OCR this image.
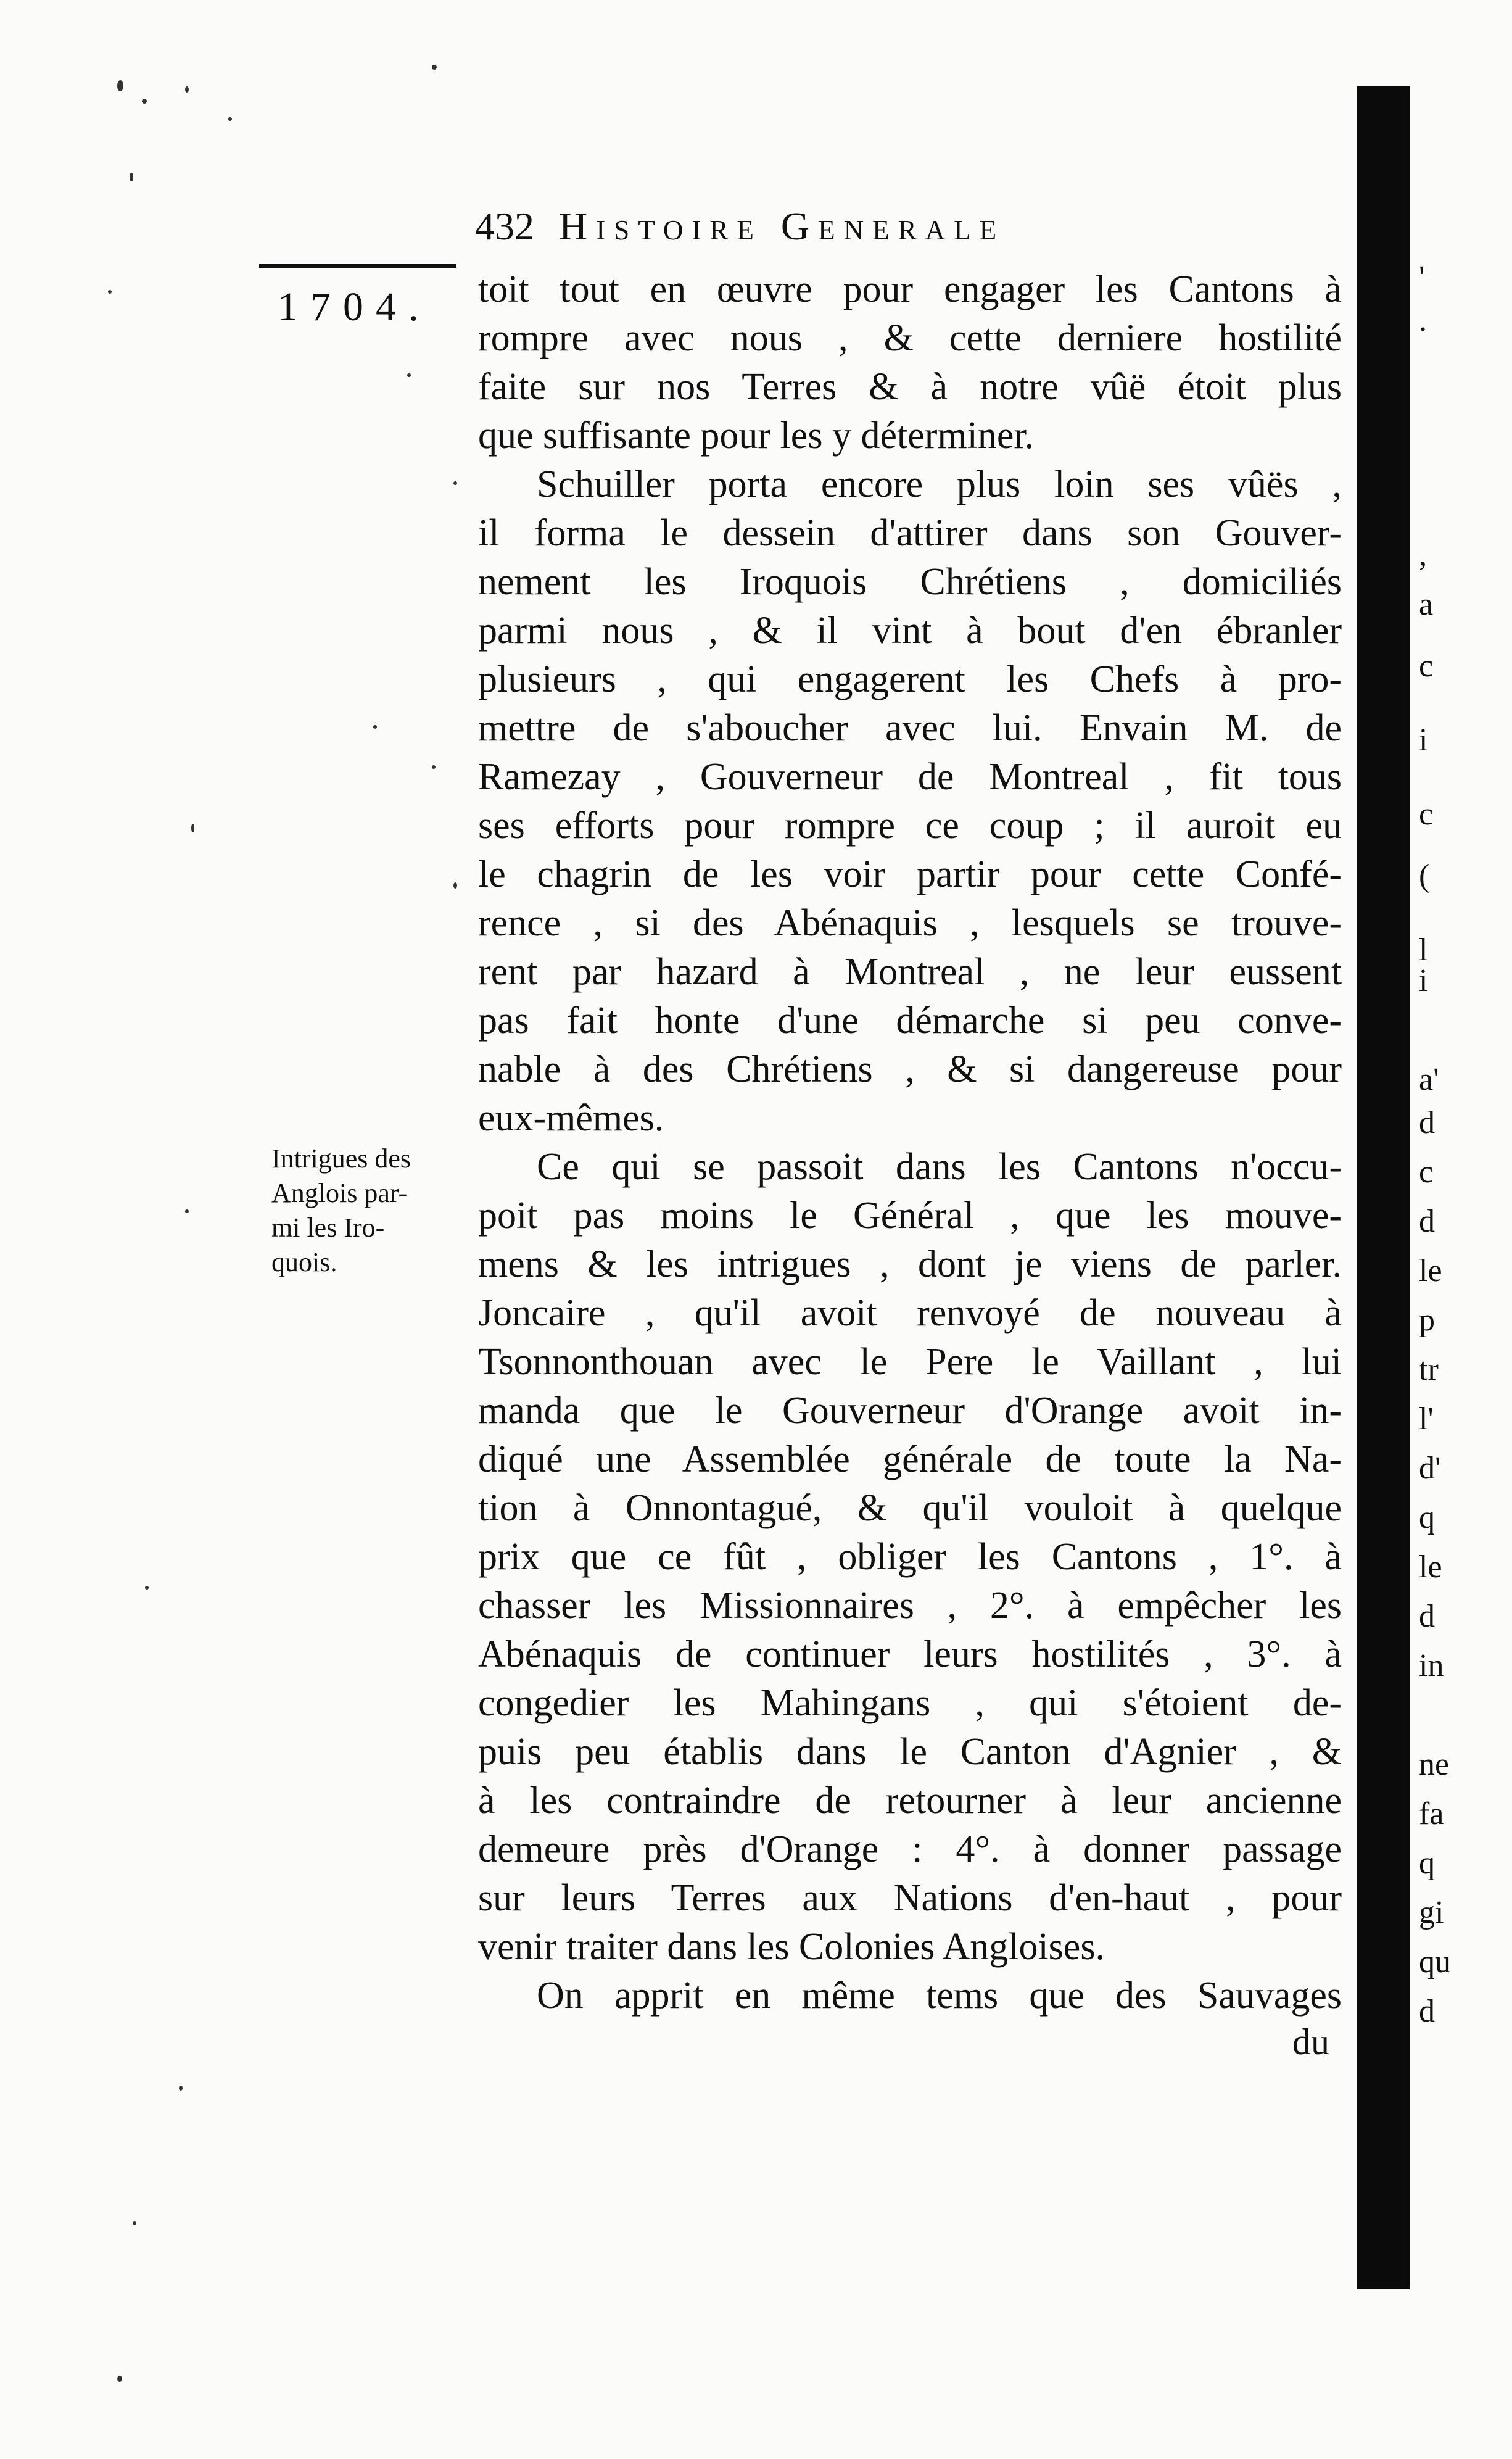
432 Histoire Generale
1704.
Intrigues des
Anglois par-
mi les Iro-
quois.
toit tout en œuvre pour engager les Cantons à
rompre avec nous , & cette derniere hostilité
faite sur nos Terres & à notre vûë étoit plus
que suffisante pour les y déterminer.
Schuiller porta encore plus loin ses vûës ,
il forma le dessein d'attirer dans son Gouver-
nement les Iroquois Chrétiens , domiciliés
parmi nous , & il vint à bout d'en ébranler
plusieurs , qui engagerent les Chefs à pro-
mettre de s'aboucher avec lui. Envain M. de
Ramezay , Gouverneur de Montreal , fit tous
ses efforts pour rompre ce coup ; il auroit eu
le chagrin de les voir partir pour cette Confé-
rence , si des Abénaquis , lesquels se trouve-
rent par hazard à Montreal , ne leur eussent
pas fait honte d'une démarche si peu conve-
nable à des Chrétiens , & si dangereuse pour
eux-mêmes.
Ce qui se passoit dans les Cantons n'occu-
poit pas moins le Général , que les mouve-
mens & les intrigues , dont je viens de parler.
Joncaire , qu'il avoit renvoyé de nouveau à
Tsonnonthouan avec le Pere le Vaillant , lui
manda que le Gouverneur d'Orange avoit in-
diqué une Assemblée générale de toute la Na-
tion à Onnontagué, & qu'il vouloit à quelque
prix que ce fût , obliger les Cantons , 1°. à
chasser les Missionnaires , 2°. à empêcher les
Abénaquis de continuer leurs hostilités , 3°. à
congedier les Mahingans , qui s'étoient de-
puis peu établis dans le Canton d'Agnier , &
à les contraindre de retourner à leur ancienne
demeure près d'Orange : 4°. à donner passage
sur leurs Terres aux Nations d'en-haut , pour
venir traiter dans les Colonies Angloises.
On apprit en même tems que des Sauvages
du
'
.
,
a
c
i
c
(
l
i
a'
d
c
d
le
p
tr
l'
d'
q
le
d
in
ne
fa
q
gi
qu
d
